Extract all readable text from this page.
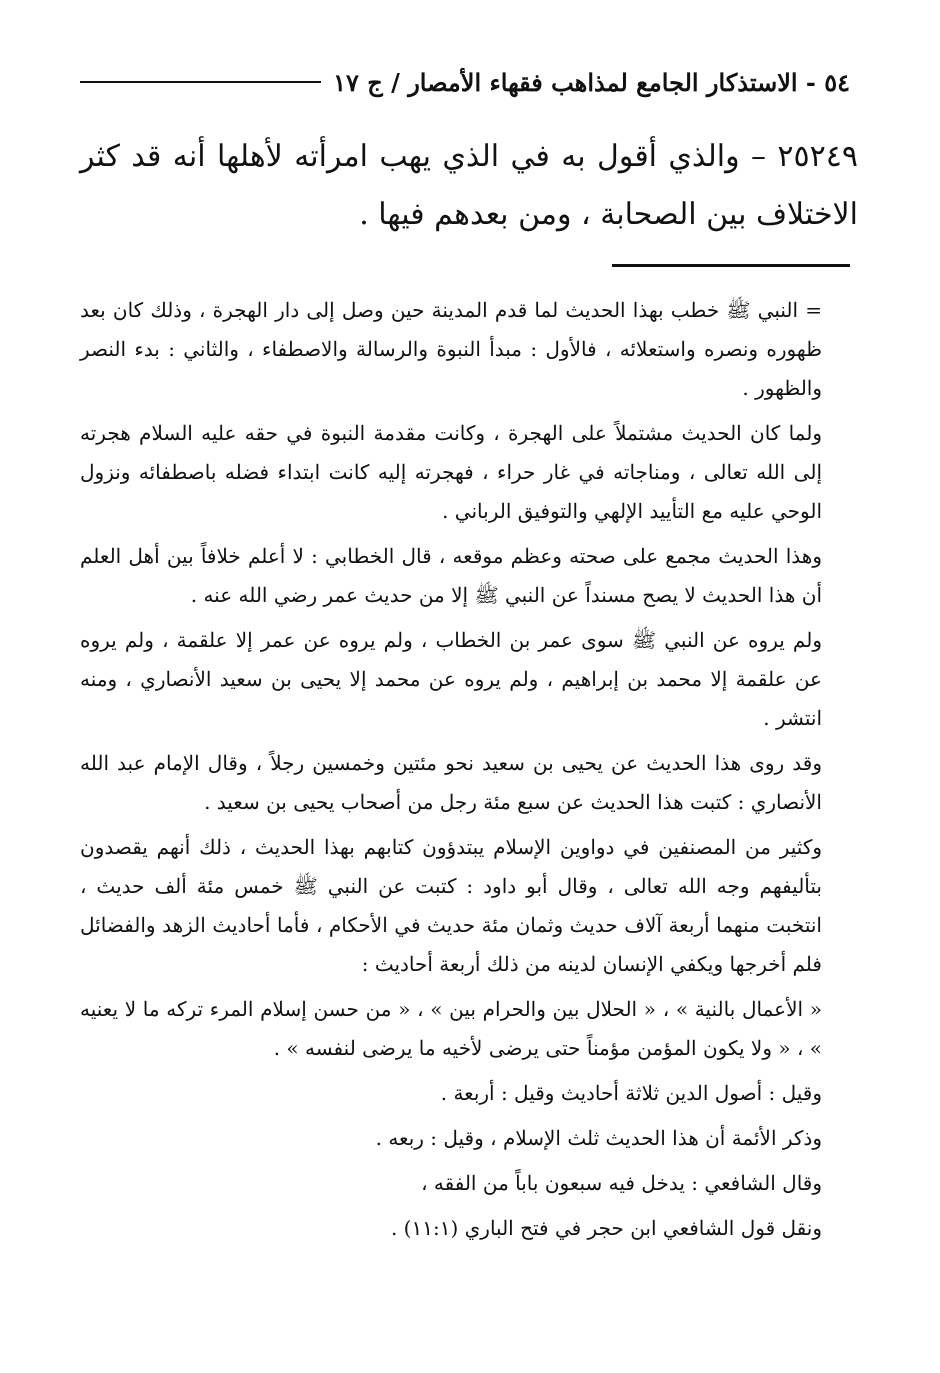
٥٤ - الاستذكار الجامع لمذاهب فقهاء الأمصار / ج ١٧

٢٥٢٤٩ – والذي أقول به في الذي يهب امرأته لأهلها أنه قد كثر الاختلاف بين الصحابة ، ومن بعدهم فيها .

= النبي ﷺ خطب بهذا الحديث لما قدم المدينة حين وصل إلى دار الهجرة ، وذلك كان بعد ظهوره ونصره واستعلائه ، فالأول : مبدأ النبوة والرسالة والاصطفاء ، والثاني : بدء النصر والظهور .

ولما كان الحديث مشتملاً على الهجرة ، وكانت مقدمة النبوة في حقه عليه السلام هجرته إلى الله تعالى ، ومناجاته في غار حراء ، فهجرته إليه كانت ابتداء فضله باصطفائه ونزول الوحي عليه مع التأييد الإلهي والتوفيق الرباني .

وهذا الحديث مجمع على صحته وعظم موقعه ، قال الخطابي : لا أعلم خلافاً بين أهل العلم أن هذا الحديث لا يصح مسنداً عن النبي ﷺ إلا من حديث عمر رضي الله عنه .

ولم يروه عن النبي ﷺ سوى عمر بن الخطاب ، ولم يروه عن عمر إلا علقمة ، ولم يروه عن علقمة إلا محمد بن إبراهيم ، ولم يروه عن محمد إلا يحيى بن سعيد الأنصاري ، ومنه انتشر .

وقد روى هذا الحديث عن يحيى بن سعيد نحو مئتين وخمسين رجلاً ، وقال الإمام عبد الله الأنصاري : كتبت هذا الحديث عن سبع مئة رجل من أصحاب يحيى بن سعيد .

وكثير من المصنفين في دواوين الإسلام يبتدؤون كتابهم بهذا الحديث ، ذلك أنهم يقصدون بتأليفهم وجه الله تعالى ، وقال أبو داود : كتبت عن النبي ﷺ خمس مئة ألف حديث ، انتخبت منهما أربعة آلاف حديث وثمان مئة حديث في الأحكام ، فأما أحاديث الزهد والفضائل فلم أخرجها ويكفي الإنسان لدينه من ذلك أربعة أحاديث :

« الأعمال بالنية » ، « الحلال بين والحرام بين » ، « من حسن إسلام المرء تركه ما لا يعنيه » ، « ولا يكون المؤمن مؤمناً حتى يرضى لأخيه ما يرضى لنفسه » .

وقيل : أصول الدين ثلاثة أحاديث وقيل : أربعة .

وذكر الأئمة أن هذا الحديث ثلث الإسلام ، وقيل : ربعه .

وقال الشافعي : يدخل فيه سبعون باباً من الفقه ،

ونقل قول الشافعي ابن حجر في فتح الباري (١١:١) .
